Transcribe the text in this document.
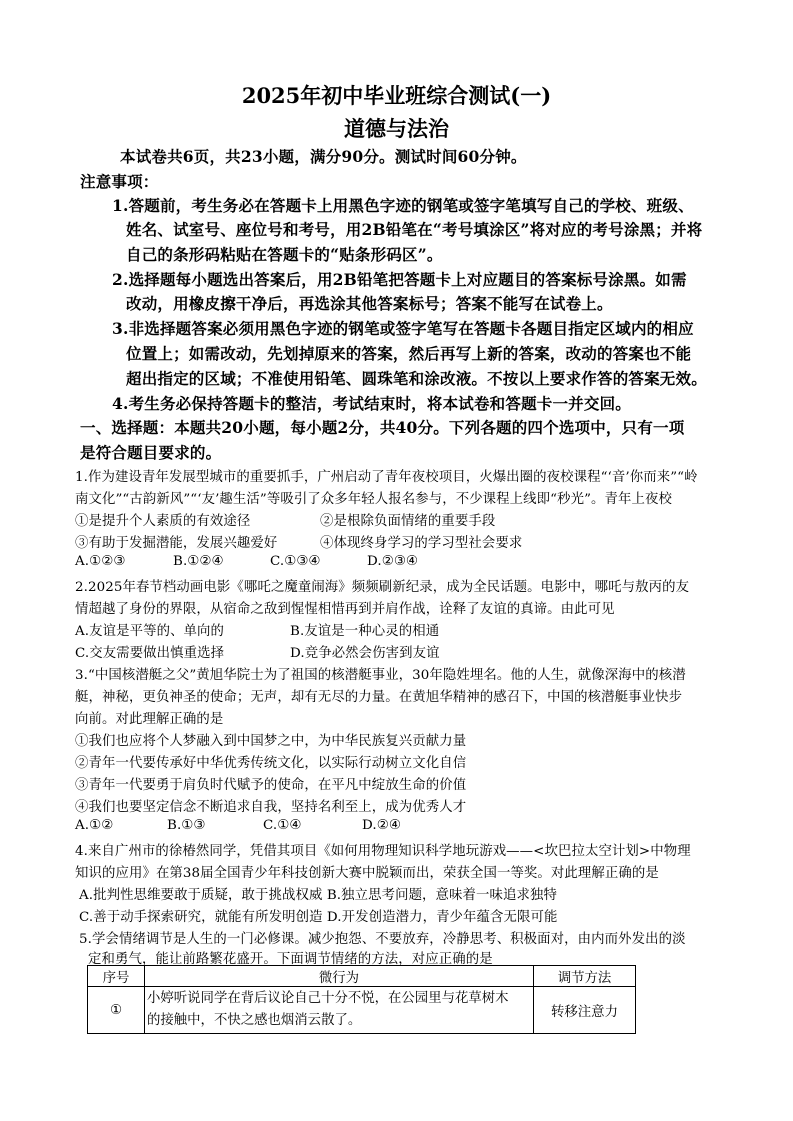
2025年初中毕业班综合测试(一)
道德与法治
本试卷共6页，共23小题，满分90分。测试时间60分钟。
注意事项：
1.答题前，考生务必在答题卡上用黑色字迹的钢笔或签字笔填写自己的学校、班级、
姓名、试室号、座位号和考号，用2B铅笔在“考号填涂区”将对应的考号涂黑；并将
自己的条形码粘贴在答题卡的“贴条形码区”。
2.选择题每小题选出答案后，用2B铅笔把答题卡上对应题目的答案标号涂黑。如需
改动，用橡皮擦干净后，再选涂其他答案标号；答案不能写在试卷上。
3.非选择题答案必须用黑色字迹的钢笔或签字笔写在答题卡各题目指定区域内的相应
位置上；如需改动，先划掉原来的答案，然后再写上新的答案，改动的答案也不能
超出指定的区域；不准使用铅笔、圆珠笔和涂改液。不按以上要求作答的答案无效。
4.考生务必保持答题卡的整洁，考试结束时，将本试卷和答题卡一并交回。
一、选择题：本题共20小题，每小题2分，共40分。下列各题的四个选项中，只有一项
是符合题目要求的。
1.作为建设青年发展型城市的重要抓手，广州启动了青年夜校项目，火爆出圈的夜校课程“‘音’你而来”“岭
南文化”“古韵新风”“‘友’趣生活”等吸引了众多年轻人报名参与，不少课程上线即“秒光”。青年上夜校
①是提升个人素质的有效途径	②是根除负面情绪的重要手段
③有助于发掘潜能，发展兴趣爱好	④体现终身学习的学习型社会要求
A.①②③	B.①②④	C.①③④	D.②③④
2.2025年春节档动画电影《哪吒之魔童闹海》频频刷新纪录，成为全民话题。电影中，哪吒与敖丙的友
情超越了身份的界限，从宿命之敌到惺惺相惜再到并肩作战，诠释了友谊的真谛。由此可见
A.友谊是平等的、单向的	B.友谊是一种心灵的相通
C.交友需要做出慎重选择	D.竞争必然会伤害到友谊
3.“中国核潜艇之父”黄旭华院士为了祖国的核潜艇事业，30年隐姓埋名。他的人生，就像深海中的核潜
艇，神秘，更负神圣的使命；无声，却有无尽的力量。在黄旭华精神的感召下，中国的核潜艇事业快步
向前。对此理解正确的是
①我们也应将个人梦融入到中国梦之中，为中华民族复兴贡献力量
②青年一代要传承好中华优秀传统文化，以实际行动树立文化自信
③青年一代要勇于肩负时代赋予的使命，在平凡中绽放生命的价值
④我们也要坚定信念不断追求自我，坚持名利至上，成为优秀人才
A.①②	B.①③	C.①④	D.②④
4.来自广州市的徐椿然同学，凭借其项目《如何用物理知识科学地玩游戏——<坎巴拉太空计划>中物理
知识的应用》在第38届全国青少年科技创新大赛中脱颖而出，荣获全国一等奖。对此理解正确的是
A.批判性思维要敢于质疑，敢于挑战权威 B.独立思考问题，意味着一味追求独特
C.善于动手探索研究，就能有所发明创造 D.开发创造潜力，青少年蕴含无限可能
5.学会情绪调节是人生的一门必修课。减少抱怨、不要放弃，冷静思考、积极面对，由内而外发出的淡
定和勇气，能让前路繁花盛开。下面调节情绪的方法，对应正确的是
序号	微行为	调节方法
①	小婷听说同学在背后议论自己十分不悦，在公园里与花草树木
的接触中，不快之感也烟消云散了。	转移注意力
